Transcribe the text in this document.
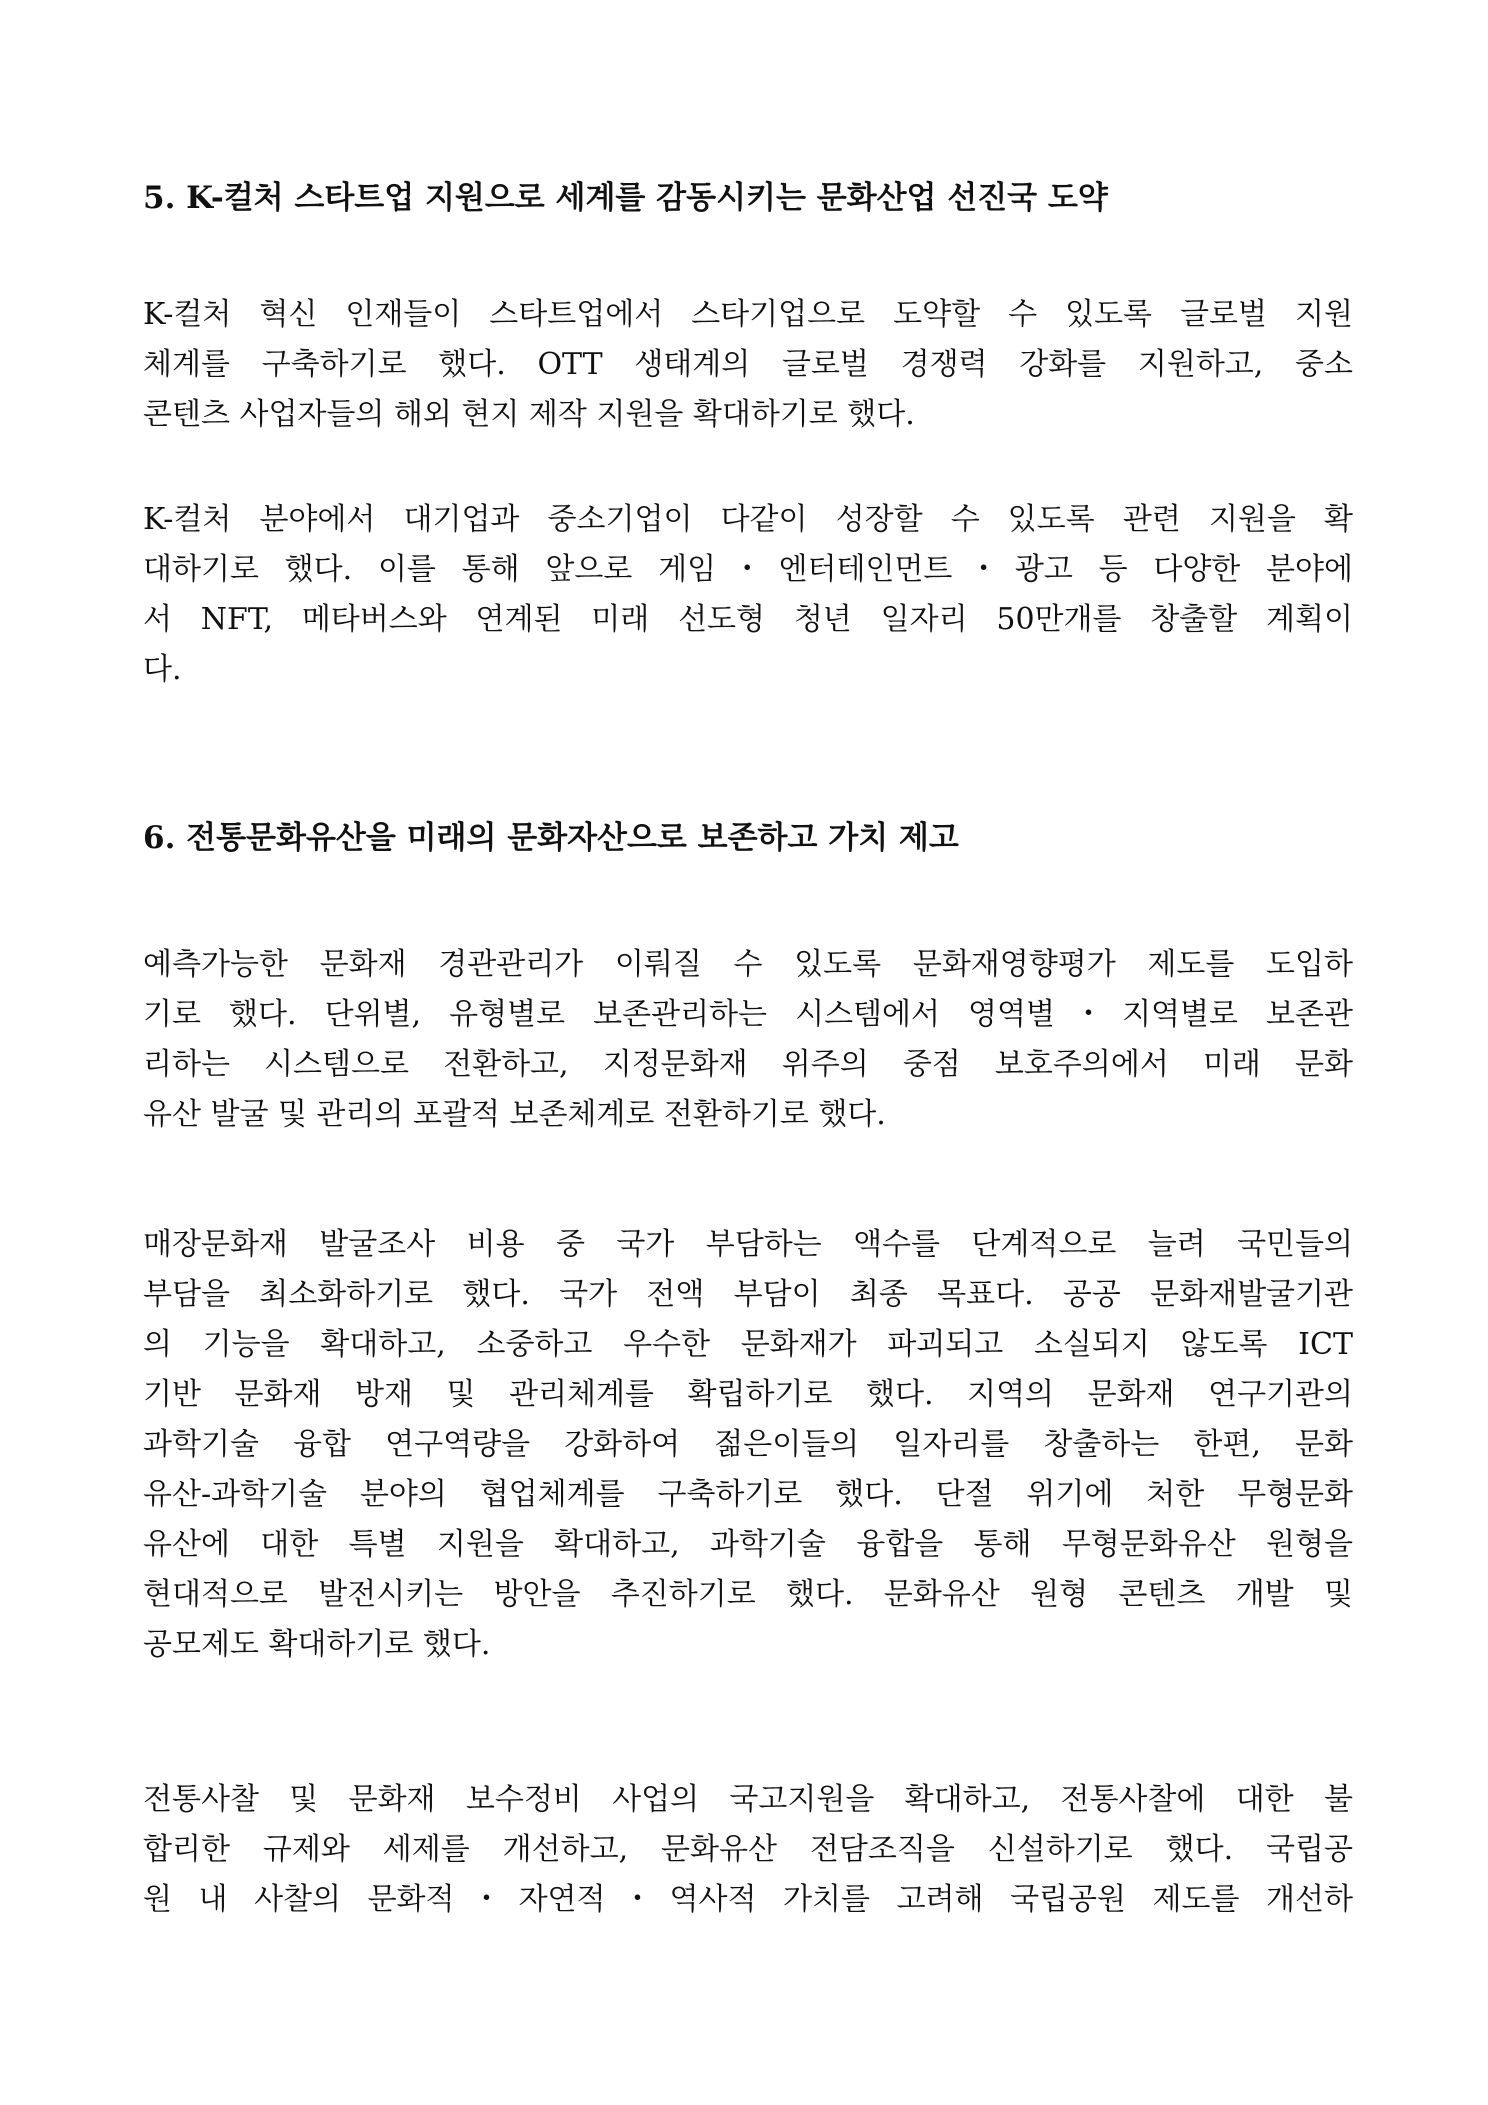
5. K-컬처 스타트업 지원으로 세계를 감동시키는 문화산업 선진국 도약
K-컬처 혁신 인재들이 스타트업에서 스타기업으로 도약할 수 있도록 글로벌 지원
체계를 구축하기로 했다. OTT 생태계의 글로벌 경쟁력 강화를 지원하고, 중소
콘텐츠 사업자들의 해외 현지 제작 지원을 확대하기로 했다.
K-컬처 분야에서 대기업과 중소기업이 다같이 성장할 수 있도록 관련 지원을 확
대하기로 했다. 이를 통해 앞으로 게임・엔터테인먼트・광고 등 다양한 분야에
서 NFT, 메타버스와 연계된 미래 선도형 청년 일자리 50만개를 창출할 계획이
다.
6. 전통문화유산을 미래의 문화자산으로 보존하고 가치 제고
예측가능한 문화재 경관관리가 이뤄질 수 있도록 문화재영향평가 제도를 도입하
기로 했다. 단위별, 유형별로 보존관리하는 시스템에서 영역별・지역별로 보존관
리하는 시스템으로 전환하고, 지정문화재 위주의 중점 보호주의에서 미래 문화
유산 발굴 및 관리의 포괄적 보존체계로 전환하기로 했다.
매장문화재 발굴조사 비용 중 국가 부담하는 액수를 단계적으로 늘려 국민들의
부담을 최소화하기로 했다. 국가 전액 부담이 최종 목표다. 공공 문화재발굴기관
의 기능을 확대하고, 소중하고 우수한 문화재가 파괴되고 소실되지 않도록 ICT
기반 문화재 방재 및 관리체계를 확립하기로 했다. 지역의 문화재 연구기관의
과학기술 융합 연구역량을 강화하여 젊은이들의 일자리를 창출하는 한편, 문화
유산-과학기술 분야의 협업체계를 구축하기로 했다. 단절 위기에 처한 무형문화
유산에 대한 특별 지원을 확대하고, 과학기술 융합을 통해 무형문화유산 원형을
현대적으로 발전시키는 방안을 추진하기로 했다. 문화유산 원형 콘텐츠 개발 및
공모제도 확대하기로 했다.
전통사찰 및 문화재 보수정비 사업의 국고지원을 확대하고, 전통사찰에 대한 불
합리한 규제와 세제를 개선하고, 문화유산 전담조직을 신설하기로 했다. 국립공
원 내 사찰의 문화적・자연적・역사적 가치를 고려해 국립공원 제도를 개선하
